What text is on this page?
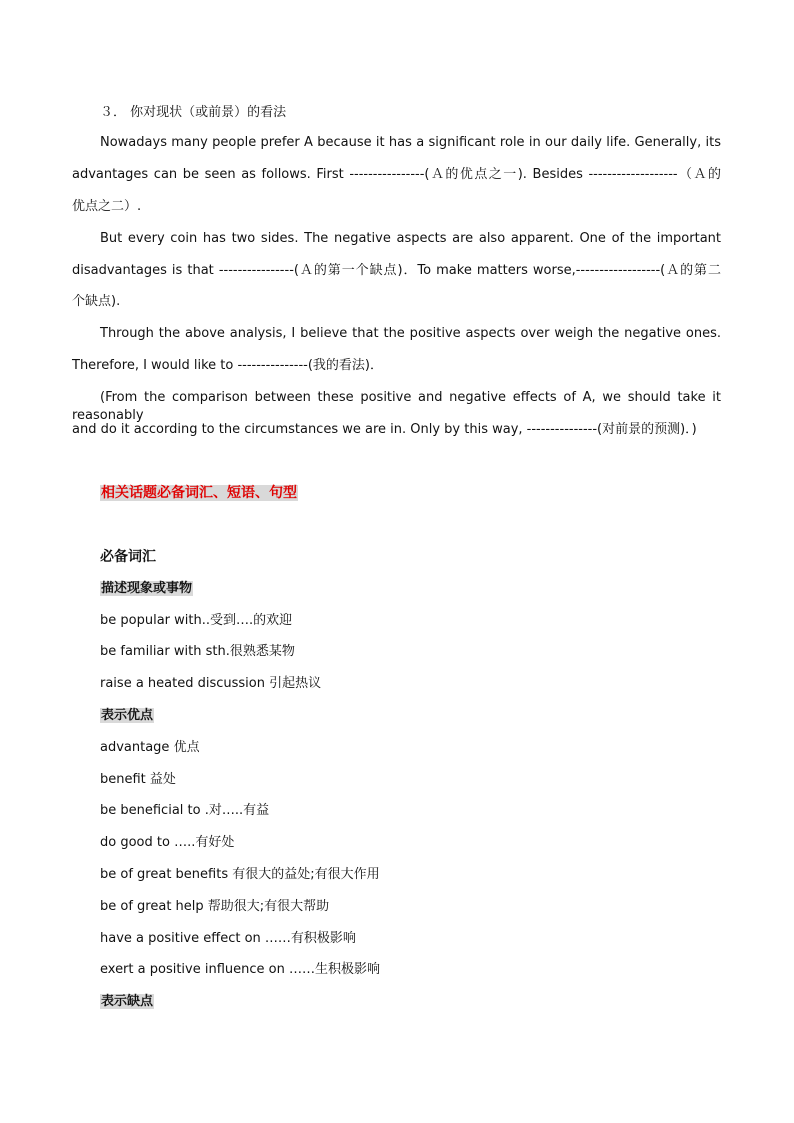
３． 你对现状（或前景）的看法
Nowadays many people prefer A because it has a significant role in our daily life. Generally, its
advantages can be seen as follows. First ----------------(Ａ的优点之一). Besides -------------------（Ａ的
优点之二）.
But every coin has two sides. The negative aspects are also apparent. One of the important
disadvantages is that ----------------(Ａ的第一个缺点)．To make matters worse,------------------(Ａ的第二
个缺点).
Through the above analysis, I believe that the positive aspects over weigh the negative ones.
Therefore, I would like to ---------------(我的看法)．
(From the comparison between these positive and negative effects of A, we should take it reasonably
and do it according to the circumstances we are in. Only by this way, ---------------(对前景的预测)．)
相关话题必备词汇、短语、句型
必备词汇
描述现象或事物
be popular with..受到….的欢迎
be familiar with sth.很熟悉某物
raise a heated discussion 引起热议
表示优点
advantage 优点
benefit 益处
be beneficial to .对…..有益
do good to …..有好处
be of great benefits 有很大的益处;有很大作用
be of great help 帮助很大;有很大帮助
have a positive effect on ……有积极影响
exert a positive influence on ……生积极影响
表示缺点
